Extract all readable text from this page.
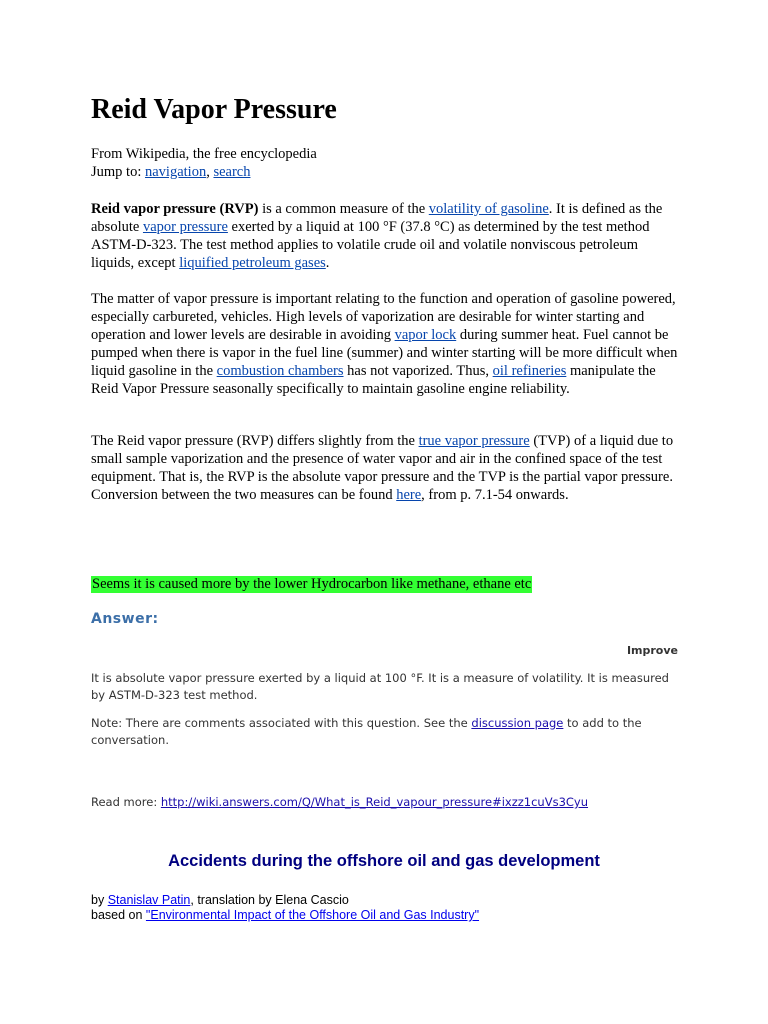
Reid Vapor Pressure
From Wikipedia, the free encyclopedia
Jump to: navigation, search

Reid vapor pressure (RVP) is a common measure of the volatility of gasoline. It is defined as the absolute vapor pressure exerted by a liquid at 100 °F (37.8 °C) as determined by the test method ASTM-D-323. The test method applies to volatile crude oil and volatile nonviscous petroleum liquids, except liquified petroleum gases.

The matter of vapor pressure is important relating to the function and operation of gasoline powered, especially carbureted, vehicles. High levels of vaporization are desirable for winter starting and operation and lower levels are desirable in avoiding vapor lock during summer heat. Fuel cannot be pumped when there is vapor in the fuel line (summer) and winter starting will be more difficult when liquid gasoline in the combustion chambers has not vaporized. Thus, oil refineries manipulate the Reid Vapor Pressure seasonally specifically to maintain gasoline engine reliability.

The Reid vapor pressure (RVP) differs slightly from the true vapor pressure (TVP) of a liquid due to small sample vaporization and the presence of water vapor and air in the confined space of the test equipment. That is, the RVP is the absolute vapor pressure and the TVP is the partial vapor pressure. Conversion between the two measures can be found here, from p. 7.1-54 onwards.

Seems it is caused more by the lower Hydrocarbon like methane, ethane etc
Answer:
Improve

It is absolute vapor pressure exerted by a liquid at 100 °F. It is a measure of volatility. It is measured by ASTM-D-323 test method.

Note: There are comments associated with this question. See the discussion page to add to the conversation.

Read more: http://wiki.answers.com/Q/What_is_Reid_vapour_pressure#ixzz1cuVs3Cyu

Accidents during the offshore oil and gas development
by Stanislav Patin, translation by Elena Cascio
based on "Environmental Impact of the Offshore Oil and Gas Industry"
